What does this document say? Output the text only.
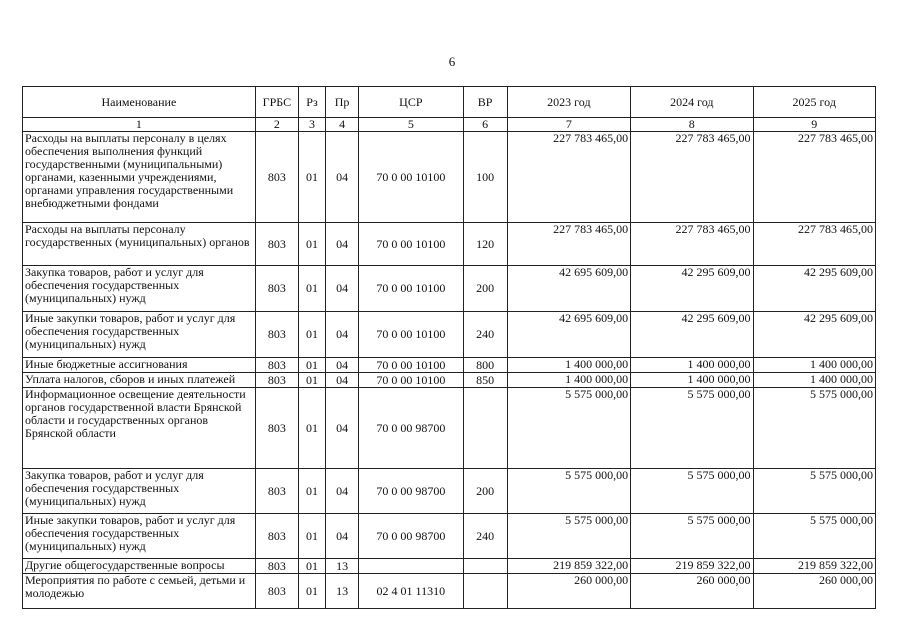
6
Наименование	ГРБС	Рз	Пр	ЦСР	ВР	2023 год	2024 год	2025 год
1	2	3	4	5	6	7	8	9
Расходы на выплаты персоналу в целях обеспечения выполнения функций государственными (муниципальными) органами, казенными учреждениями, органами управления государственными внебюджетными фондами	803	01	04	70 0 00 10100	100	227 783 465,00	227 783 465,00	227 783 465,00
Расходы на выплаты персоналу государственных (муниципальных) органов	803	01	04	70 0 00 10100	120	227 783 465,00	227 783 465,00	227 783 465,00
Закупка товаров, работ и услуг для обеспечения государственных (муниципальных) нужд	803	01	04	70 0 00 10100	200	42 695 609,00	42 295 609,00	42 295 609,00
Иные закупки товаров, работ и услуг для обеспечения государственных (муниципальных) нужд	803	01	04	70 0 00 10100	240	42 695 609,00	42 295 609,00	42 295 609,00
Иные бюджетные ассигнования	803	01	04	70 0 00 10100	800	1 400 000,00	1 400 000,00	1 400 000,00
Уплата налогов, сборов и иных платежей	803	01	04	70 0 00 10100	850	1 400 000,00	1 400 000,00	1 400 000,00
Информационное освещение деятельности органов государственной власти Брянской области и государственных органов Брянской области	803	01	04	70 0 00 98700		5 575 000,00	5 575 000,00	5 575 000,00
Закупка товаров, работ и услуг для обеспечения государственных (муниципальных) нужд	803	01	04	70 0 00 98700	200	5 575 000,00	5 575 000,00	5 575 000,00
Иные закупки товаров, работ и услуг для обеспечения государственных (муниципальных) нужд	803	01	04	70 0 00 98700	240	5 575 000,00	5 575 000,00	5 575 000,00
Другие общегосударственные вопросы	803	01	13			219 859 322,00	219 859 322,00	219 859 322,00
Мероприятия по работе с семьей, детьми и молодежью	803	01	13	02 4 01 11310		260 000,00	260 000,00	260 000,00
